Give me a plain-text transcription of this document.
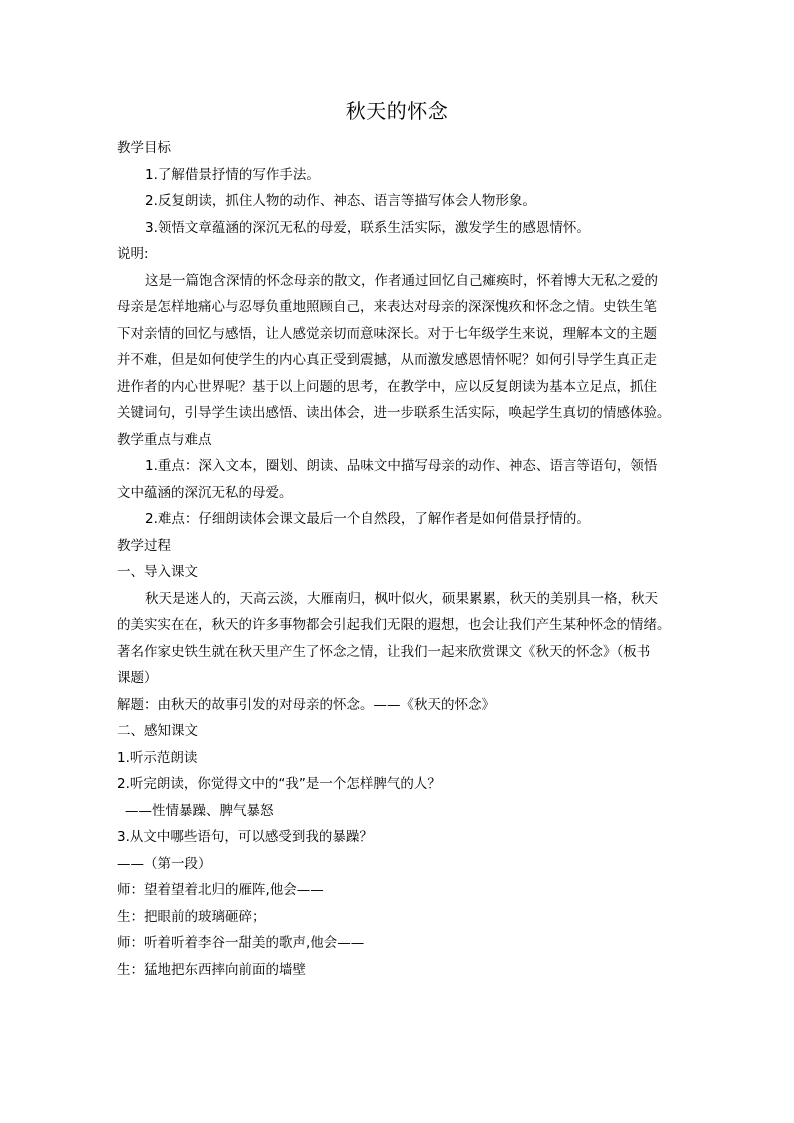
秋天的怀念

教学目标

1.了解借景抒情的写作手法。

2.反复朗读，抓住人物的动作、神态、语言等描写体会人物形象。

3.领悟文章蕴涵的深沉无私的母爱，联系生活实际，激发学生的感恩情怀。

说明:

这是一篇饱含深情的怀念母亲的散文，作者通过回忆自己瘫痪时，怀着博大无私之爱的

母亲是怎样地痛心与忍辱负重地照顾自己，来表达对母亲的深深愧疚和怀念之情。史铁生笔

下对亲情的回忆与感悟，让人感觉亲切而意味深长。对于七年级学生来说，理解本文的主题

并不难，但是如何使学生的内心真正受到震撼，从而激发感恩情怀呢？如何引导学生真正走

进作者的内心世界呢？基于以上问题的思考，在教学中，应以反复朗读为基本立足点，抓住

关键词句，引导学生读出感悟、读出体会，进一步联系生活实际，唤起学生真切的情感体验。

教学重点与难点

1.重点：深入文本，圈划、朗读、品味文中描写母亲的动作、神态、语言等语句，领悟

文中蕴涵的深沉无私的母爱。

2.难点：仔细朗读体会课文最后一个自然段，了解作者是如何借景抒情的。

教学过程

一、导入课文

秋天是迷人的，天高云淡，大雁南归，枫叶似火，硕果累累，秋天的美别具一格，秋天

的美实实在在，秋天的许多事物都会引起我们无限的遐想，也会让我们产生某种怀念的情绪。

著名作家史铁生就在秋天里产生了怀念之情，让我们一起来欣赏课文《秋天的怀念》（板书

课题）

解题：由秋天的故事引发的对母亲的怀念。——《秋天的怀念》

二、感知课文

1.听示范朗读

2.听完朗读，你觉得文中的“我”是一个怎样脾气的人？

——性情暴躁、脾气暴怒

3.从文中哪些语句，可以感受到我的暴躁？

——（第一段）

师：望着望着北归的雁阵,他会——

生：把眼前的玻璃砸碎；

师：听着听着李谷一甜美的歌声,他会——

生：猛地把东西摔向前面的墙壁
